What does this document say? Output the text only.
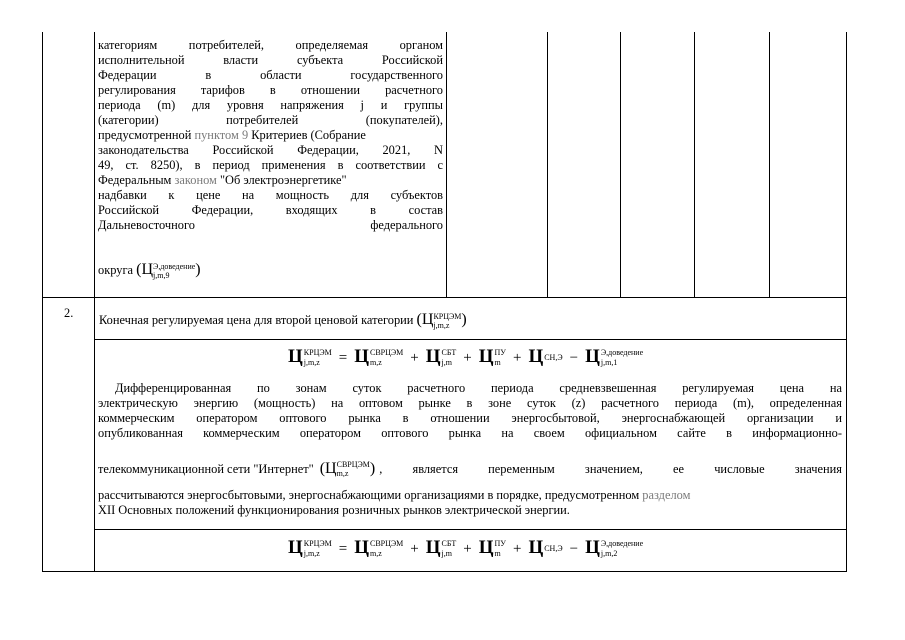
категориям потребителей, определяемая органом
исполнительной власти субъекта Российской
Федерации в области государственного
регулирования тарифов в отношении расчетного
периода (m) для уровня напряжения j и группы
(категории) потребителей (покупателей),
предусмотренной пунктом 9 Критериев (Собрание
законодательства Российской Федерации, 2021, N
49, ст. 8250), в период применения в соответствии с
Федеральным законом "Об электроэнергетике"
надбавки к цене на мощность для субъектов
Российской Федерации, входящих в состав
Дальневосточного	федерального
округа (ЦЭ,доведение
j,m,9 )
2. Конечная регулируемая цена для второй ценовой категории (ЦКРЦЭМ
j,m,z )
ЦКРЦЭМ
j,m,z = ЦСВРЦЭМ
m,z + ЦСБТ
j,m + ЦПУ
m + ЦСН,Э − ЦЭ,доведение
j,m,1
Дифференцированная по зонам суток расчетного периода средневзвешенная регулируемая цена на
электрическую энергию (мощность) на оптовом рынке в зоне суток (z) расчетного периода (m), определенная
коммерческим оператором оптового рынка в отношении энергосбытовой, энергоснабжающей организации и
опубликованная коммерческим оператором оптового рынка на своем официальном сайте в информационно-
телекоммуникационной сети "Интернет" ( Ц СВРЦЭМ
m,z	) , является переменным значением, ее числовые значения
рассчитываются энергосбытовыми, энергоснабжающими организациями в порядке, предусмотренном разделом
XII Основных положений функционирования розничных рынков электрической энергии.
ЦКРЦЭМ
j,m,z = ЦСВРЦЭМ
m,z + ЦСБТ
j,m + ЦПУ
m + ЦСН,Э − ЦЭ,доведение
j,m,2
